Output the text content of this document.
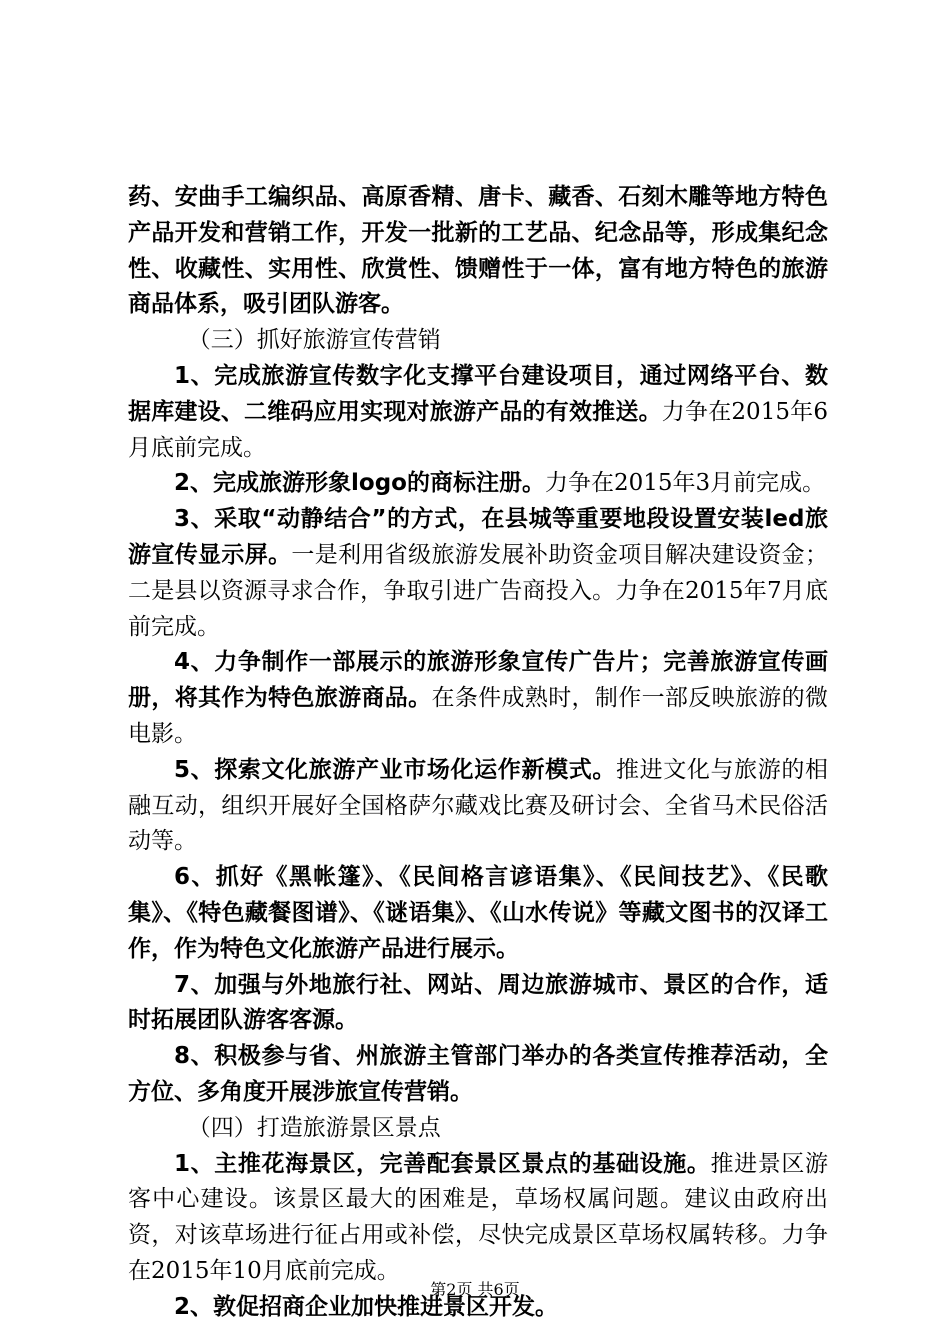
药、安曲手工编织品、高原香精、唐卡、藏香、石刻木雕等地方特色产品开发和营销工作，开发一批新的工艺品、纪念品等，形成集纪念性、收藏性、实用性、欣赏性、馈赠性于一体，富有地方特色的旅游商品体系，吸引团队游客。

（三）抓好旅游宣传营销

1、完成旅游宣传数字化支撑平台建设项目，通过网络平台、数据库建设、二维码应用实现对旅游产品的有效推送。力争在2015年6月底前完成。

2、完成旅游形象logo的商标注册。力争在2015年3月前完成。

3、采取“动静结合”的方式，在县城等重要地段设置安装led旅游宣传显示屏。一是利用省级旅游发展补助资金项目解决建设资金；二是县以资源寻求合作，争取引进广告商投入。力争在2015年7月底前完成。

4、力争制作一部展示的旅游形象宣传广告片；完善旅游宣传画册，将其作为特色旅游商品。在条件成熟时，制作一部反映旅游的微电影。

5、探索文化旅游产业市场化运作新模式。推进文化与旅游的相融互动，组织开展好全国格萨尔藏戏比赛及研讨会、全省马术民俗活动等。

6、抓好《黑帐篷》、《民间格言谚语集》、《民间技艺》、《民歌集》、《特色藏餐图谱》、《谜语集》、《山水传说》等藏文图书的汉译工作，作为特色文化旅游产品进行展示。

7、加强与外地旅行社、网站、周边旅游城市、景区的合作，适时拓展团队游客客源。

8、积极参与省、州旅游主管部门举办的各类宣传推荐活动，全方位、多角度开展涉旅宣传营销。

（四）打造旅游景区景点

1、主推花海景区，完善配套景区景点的基础设施。推进景区游客中心建设。该景区最大的困难是，草场权属问题。建议由政府出资，对该草场进行征占用或补偿，尽快完成景区草场权属转移。力争在2015年10月底前完成。

2、敦促招商企业加快推进景区开发。

第2页 共6页
